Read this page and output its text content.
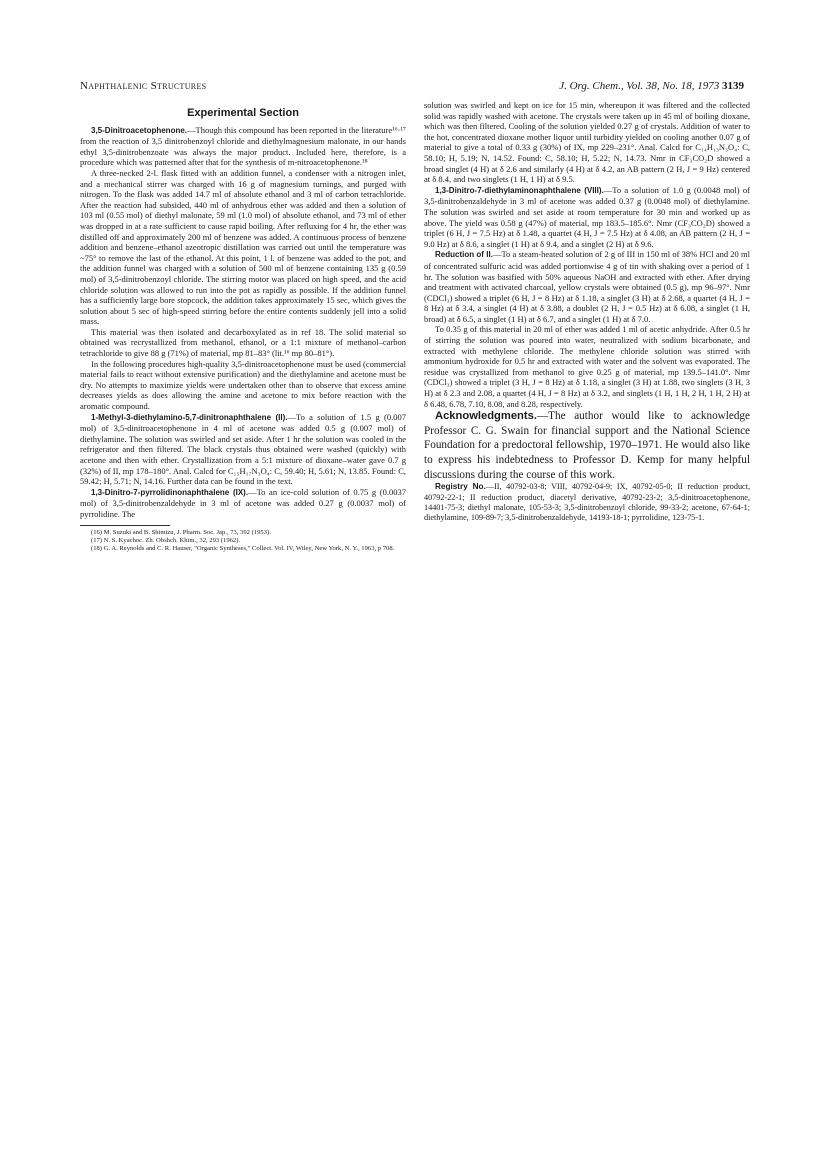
Naphthalenic Structures	J. Org. Chem., Vol. 38, No. 18, 1973 3139
Experimental Section

3,5-Dinitroacetophenone.—Though this compound has been reported in the literature¹⁶·¹⁷ from the reaction of 3,5 dinitrobenzoyl chloride and diethylmagnesium malonate, in our hands ethyl 3,5-dinitrobenzoate was always the major product. Included here, therefore, is a procedure which was patterned after that for the synthesis of m-nitroacetophenone.¹⁸

A three-necked 2-l. flask fitted with an addition funnel, a condenser with a nitrogen inlet, and a mechanical stirrer was charged with 16 g of magnesium turnings, and purged with nitrogen. To the flask was added 14.7 ml of absolute ethanol and 3 ml of carbon tetrachloride. After the reaction had subsided, 440 ml of anhydrous ether was added and then a solution of 103 ml (0.55 mol) of diethyl malonate, 59 ml (1.0 mol) of absolute ethanol, and 73 ml of ether was dropped in at a rate sufficient to cause rapid boiling. After refluxing for 4 hr, the ether was distilled off and approximately 200 ml of benzene was added. A continuous process of benzene addition and benzene–ethanol azeotropic distillation was carried out until the temperature was ~75° to remove the last of the ethanol. At this point, 1 l. of benzene was added to the pot, and the addition funnel was charged with a solution of 500 ml of benzene containing 135 g (0.59 mol) of 3,5-dinitrobenzoyl chloride. The stirring motor was placed on high speed, and the acid chloride solution was allowed to run into the pot as rapidly as possible. If the addition funnel has a sufficiently large bore stopcock, the addition takes approximately 15 sec, which gives the solution about 5 sec of high-speed stirring before the entire contents suddenly jell into a solid mass.

This material was then isolated and decarboxylated as in ref 18. The solid material so obtained was recrystallized from methanol, ethanol, or a 1:1 mixture of methanol–carbon tetrachloride to give 88 g (71%) of material, mp 81–83° (lit.¹⁶ mp 80–81°).

In the following procedures high-quality 3,5-dinitroacetophenone must be used (commercial material fails to react without extensive purification) and the diethylamine and acetone must be dry. No attempts to maximize yields were undertaken other than to observe that excess amine decreases yields as does allowing the amine and acetone to mix before reaction with the aromatic compound.

1-Methyl-3-diethylamino-5,7-dinitronaphthalene (II).—To a solution of 1.5 g (0.007 mol) of 3,5-dinitroacetophenone in 4 ml of acetone was added 0.5 g (0.007 mol) of diethylamine. The solution was swirled and set aside. After 1 hr the solution was cooled in the refrigerator and then filtered. The black crystals thus obtained were washed (quickly) with acetone and then with ether. Crystallization from a 5:1 mixture of dioxane–water gave 0.7 g (32%) of II, mp 178–180°. Anal. Calcd for C₁₅H₁₇N₃O₄: C, 59.40; H, 5.61; N, 13.85. Found: C, 59.42; H, 5.71; N, 14.16. Further data can be found in the text.

1,3-Dinitro-7-pyrrolidinonaphthalene (IX).—To an ice-cold solution of 0.75 g (0.0037 mol) of 3,5-dinitrobenzaldehyde in 3 ml of acetone was added 0.27 g (0.0037 mol) of pyrrolidine. The

(16) M. Suzuki and B. Shimizu, J. Pharm. Soc. Jap., 73, 392 (1953).

(17) N. S. Kyachoc. Zh. Obshch. Khim., 32, 293 (1962).

(18) G. A. Reynolds and C. R. Hauser, "Organic Syntheses," Collect. Vol. IV, Wiley, New York, N. Y., 1963, p 708.

solution was swirled and kept on ice for 15 min, whereupon it was filtered and the collected solid was rapidly washed with acetone. The crystals were taken up in 45 ml of boiling dioxane, which was then filtered. Cooling of the solution yielded 0.27 g of crystals. Addition of water to the hot, concentrated dioxane mother liquor until turbidity yielded on cooling another 0.07 g of material to give a total of 0.33 g (30%) of IX, mp 229–231°. Anal. Calcd for C₁₄H₁₃N₃O₄: C, 58.10; H, 5.19; N, 14.52. Found: C, 58.10; H, 5.22; N, 14.73. Nmr in CF₃CO₂D showed a broad singlet (4 H) at δ 2.6 and similarly (4 H) at δ 4.2, an AB pattern (2 H, J = 9 Hz) centered at δ 8.4, and two singlets (1 H, 1 H) at δ 9.5.

1,3-Dinitro-7-diethylaminonaphthalene (VIII).—To a solution of 1.0 g (0.0048 mol) of 3,5-dinitrobenzaldehyde in 3 ml of acetone was added 0.37 g (0.0048 mol) of diethylamine. The solution was swirled and set aside at room temperature for 30 min and worked up as above. The yield was 0.58 g (47%) of material, mp 183.5–185.6°. Nmr (CF₃CO₂D) showed a triplet (6 H, J = 7.5 Hz) at δ 1.48, a quartet (4 H, J = 7.5 Hz) at δ 4.08, an AB pattern (2 H, J = 9.0 Hz) at δ 8.6, a singlet (1 H) at δ 9.4, and a singlet (2 H) at δ 9.6.

Reduction of II.—To a steam-heated solution of 2 g of III in 150 ml of 38% HCl and 20 ml of concentrated sulfuric acid was added portionwise 4 g of tin with shaking over a period of 1 hr. The solution was basified with 50% aqueous NaOH and extracted with ether. After drying and treatment with activated charcoal, yellow crystals were obtained (0.5 g), mp 96–97°. Nmr (CDCl₃) showed a triplet (6 H, J = 8 Hz) at δ 1.18, a singlet (3 H) at δ 2.68, a quartet (4 H, J = 8 Hz) at δ 3.4, a singlet (4 H) at δ 3.88, a doublet (2 H, J = 0.5 Hz) at δ 6.08, a singlet (1 H, broad) at δ 6.5, a singlet (1 H) at δ 6.7, and a singlet (1 H) at δ 7.0.

To 0.35 g of this material in 20 ml of ether was added 1 ml of acetic anhydride. After 0.5 hr of stirring the solution was poured into water, neutralized with sodium bicarbonate, and extracted with methylene chloride. The methylene chloride solution was stirred with ammonium hydroxide for 0.5 hr and extracted with water and the solvent was evaporated. The residue was crystallized from methanol to give 0.25 g of material, mp 139.5–141.0°. Nmr (CDCl₃) showed a triplet (3 H, J = 8 Hz) at δ 1.18, a singlet (3 H) at 1.88, two singlets (3 H, 3 H) at δ 2.3 and 2.08, a quartet (4 H, J = 8 Hz) at δ 3.2, and singlets (1 H, 1 H, 2 H, 1 H, 2 H) at δ 6.48, 6.78, 7.10, 8.08, and 8.28, respectively.

Acknowledgments.—The author would like to acknowledge Professor C. G. Swain for financial support and the National Science Foundation for a predoctoral fellowship, 1970–1971. He would also like to express his indebtedness to Professor D. Kemp for many helpful discussions during the course of this work.

Registry No.—II, 40792-03-8; VIII, 40792-04-9; IX, 40792-05-0; II reduction product, 40792-22-1; II reduction product, diacetyl derivative, 40792-23-2; 3,5-dinitroacetophenone, 14401-75-3; diethyl malonate, 105-53-3; 3,5-dinitrobenzoyl chloride, 99-33-2; acetone, 67-64-1; diethylamine, 109-89-7; 3,5-dinitrobenzaldehyde, 14193-18-1; pyrrolidine, 123-75-1.
